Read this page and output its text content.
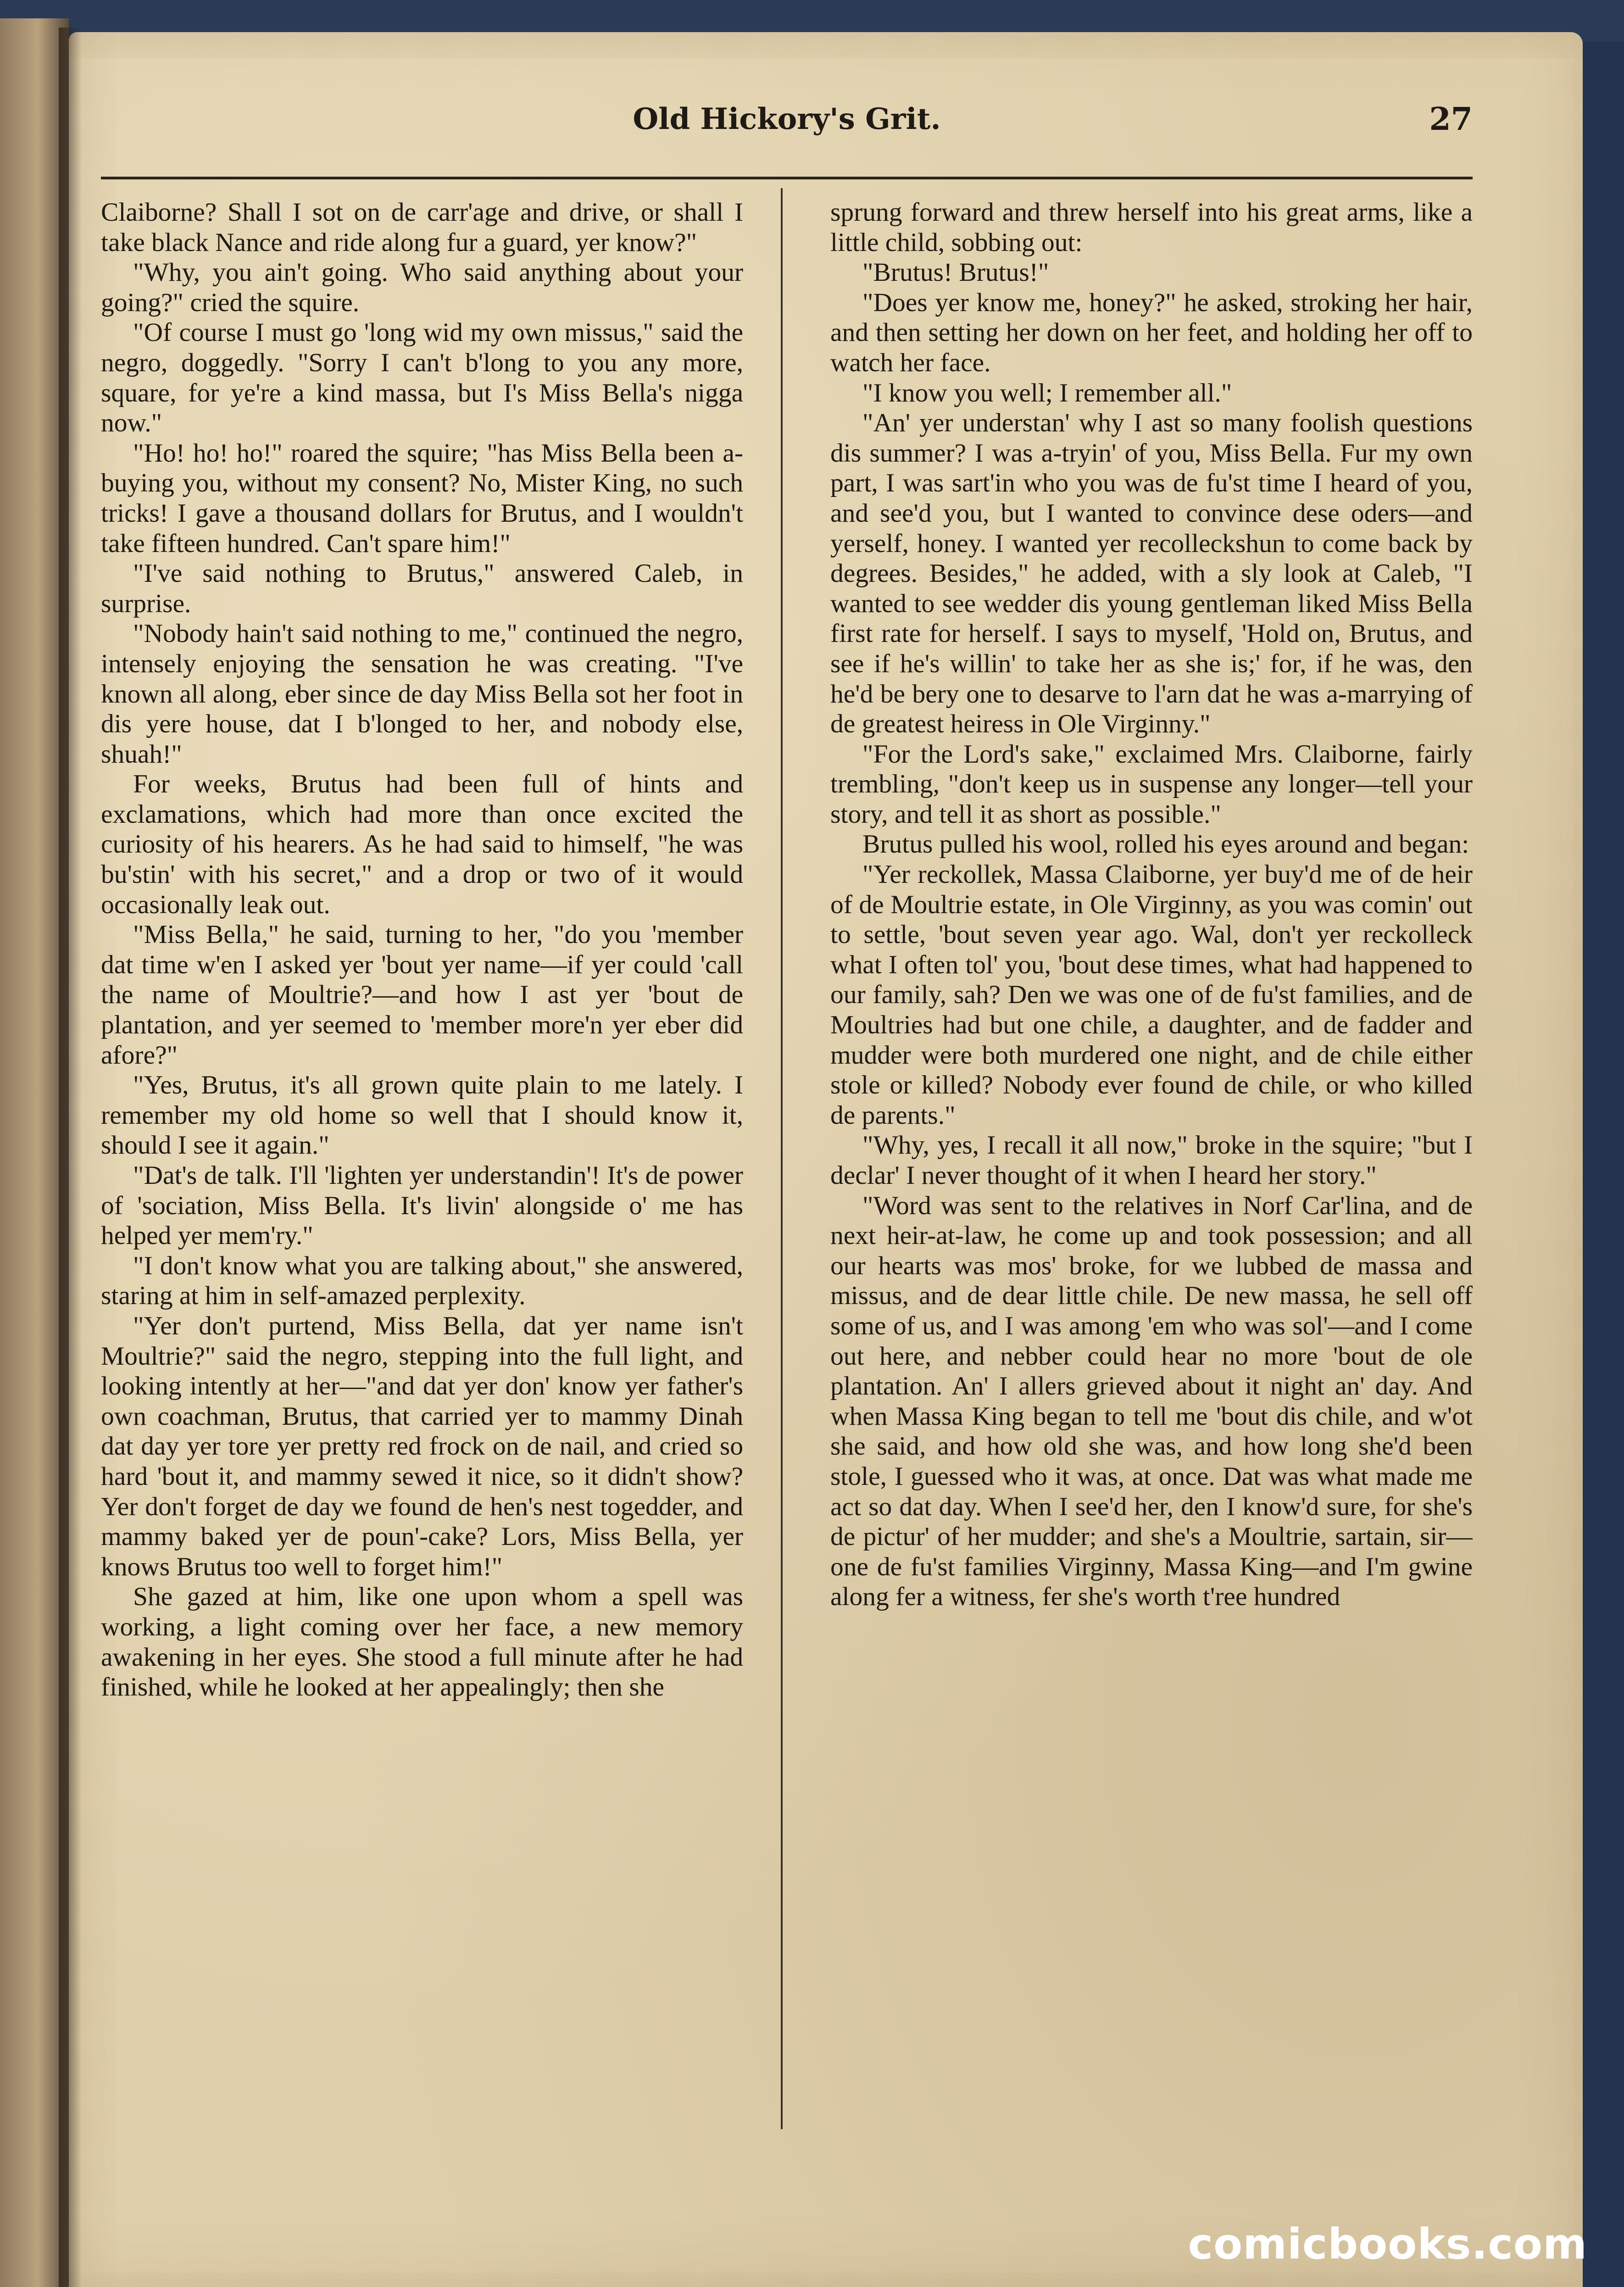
Old Hickory's Grit.	27

Claiborne? Shall I sot on de carr'age and drive, or shall I take black Nance and ride along fur a guard, yer know?"

"Why, you ain't going. Who said anything about your going?" cried the squire.

"Of course I must go 'long wid my own missus," said the negro, doggedly. "Sorry I can't b'long to you any more, square, for ye're a kind massa, but I's Miss Bella's nigga now."

"Ho! ho! ho!" roared the squire; "has Miss Bella been a-buying you, without my consent? No, Mister King, no such tricks! I gave a thousand dollars for Brutus, and I wouldn't take fifteen hundred. Can't spare him!"

"I've said nothing to Brutus," answered Caleb, in surprise.

"Nobody hain't said nothing to me," continued the negro, intensely enjoying the sensation he was creating. "I've known all along, eber since de day Miss Bella sot her foot in dis yere house, dat I b'longed to her, and nobody else, shuah!"

For weeks, Brutus had been full of hints and exclamations, which had more than once excited the curiosity of his hearers. As he had said to himself, "he was bu'stin' with his secret," and a drop or two of it would occasionally leak out.

"Miss Bella," he said, turning to her, "do you 'member dat time w'en I asked yer 'bout yer name—if yer could 'call the name of Moultrie?—and how I ast yer 'bout de plantation, and yer seemed to 'member more'n yer eber did afore?"

"Yes, Brutus, it's all grown quite plain to me lately. I remember my old home so well that I should know it, should I see it again."

"Dat's de talk. I'll 'lighten yer understandin'! It's de power of 'sociation, Miss Bella. It's livin' alongside o' me has helped yer mem'ry."

"I don't know what you are talking about," she answered, staring at him in self-amazed perplexity.

"Yer don't purtend, Miss Bella, dat yer name isn't Moultrie?" said the negro, stepping into the full light, and looking intently at her—"and dat yer don' know yer father's own coachman, Brutus, that carried yer to mammy Dinah dat day yer tore yer pretty red frock on de nail, and cried so hard 'bout it, and mammy sewed it nice, so it didn't show? Yer don't forget de day we found de hen's nest togedder, and mammy baked yer de poun'-cake? Lors, Miss Bella, yer knows Brutus too well to forget him!"

She gazed at him, like one upon whom a spell was working, a light coming over her face, a new memory awakening in her eyes. She stood a full minute after he had finished, while he looked at her appealingly; then she

sprung forward and threw herself into his great arms, like a little child, sobbing out:

"Brutus! Brutus!"

"Does yer know me, honey?" he asked, stroking her hair, and then setting her down on her feet, and holding her off to watch her face.

"I know you well; I remember all."

"An' yer understan' why I ast so many foolish questions dis summer? I was a-tryin' of you, Miss Bella. Fur my own part, I was sart'in who you was de fu'st time I heard of you, and see'd you, but I wanted to convince dese oders—and yerself, honey. I wanted yer recolleckshun to come back by degrees. Besides," he added, with a sly look at Caleb, "I wanted to see wedder dis young gentleman liked Miss Bella first rate for herself. I says to myself, 'Hold on, Brutus, and see if he's willin' to take her as she is;' for, if he was, den he'd be bery one to desarve to l'arn dat he was a-marrying of de greatest heiress in Ole Virginny."

"For the Lord's sake," exclaimed Mrs. Claiborne, fairly trembling, "don't keep us in suspense any longer—tell your story, and tell it as short as possible."

Brutus pulled his wool, rolled his eyes around and began:

"Yer reckollek, Massa Claiborne, yer buy'd me of de heir of de Moultrie estate, in Ole Virginny, as you was comin' out to settle, 'bout seven year ago. Wal, don't yer reckolleck what I often tol' you, 'bout dese times, what had happened to our family, sah? Den we was one of de fu'st families, and de Moultries had but one chile, a daughter, and de fadder and mudder were both murdered one night, and de chile either stole or killed? Nobody ever found de chile, or who killed de parents."

"Why, yes, I recall it all now," broke in the squire; "but I declar' I never thought of it when I heard her story."

"Word was sent to the relatives in Norf Car'lina, and de next heir-at-law, he come up and took possession; and all our hearts was mos' broke, for we lubbed de massa and missus, and de dear little chile. De new massa, he sell off some of us, and I was among 'em who was sol'—and I come out here, and nebber could hear no more 'bout de ole plantation. An' I allers grieved about it night an' day. And when Massa King began to tell me 'bout dis chile, and w'ot she said, and how old she was, and how long she'd been stole, I guessed who it was, at once. Dat was what made me act so dat day. When I see'd her, den I know'd sure, for she's de pictur' of her mudder; and she's a Moultrie, sartain, sir—one de fu'st families Virginny, Massa King—and I'm gwine along fer a witness, fer she's worth t'ree hundred

comicbooks.com
